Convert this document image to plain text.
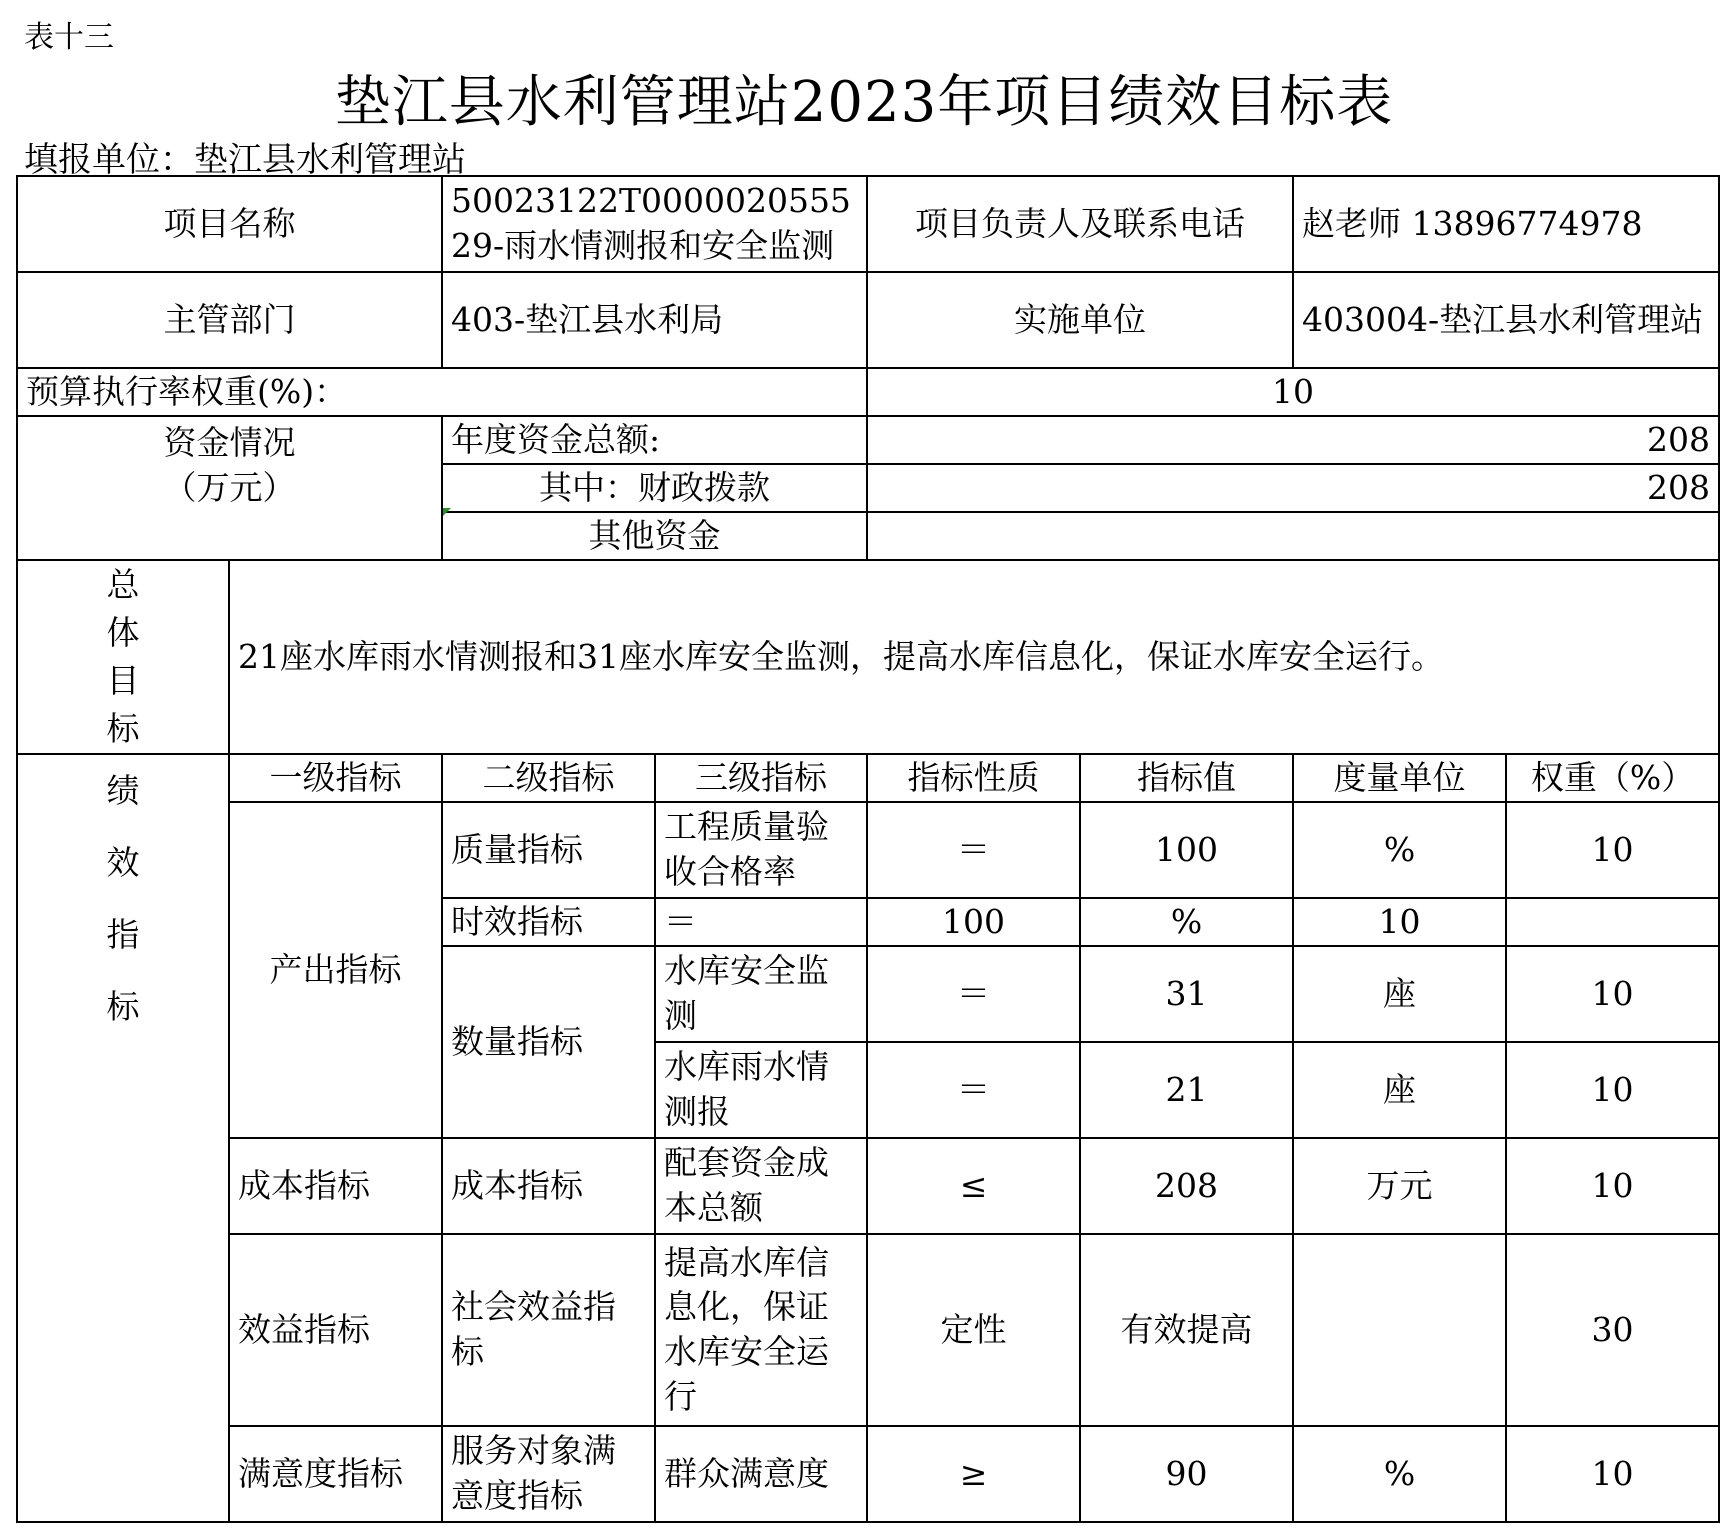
表十三
垫江县水利管理站2023年项目绩效目标表
填报单位：垫江县水利管理站
项目名称		50023122T000002055529-雨水情测报和安全监测		项目负责人及联系电话		赵老师 13896774978	
主管部门		403-垫江县水利局		实施单位		403004-垫江县水利管理站	
预算执行率权重(%)：				10			

资金情况
（万元）		年度资金总额:		208			
		其中：财政拨款		208			
		其他资金					

总
体
目
标	21座水库雨水情测报和31座水库安全监测，提高水库信息化，保证水库安全运行。						

绩
效
指
标	一级指标	二级指标	三级指标	指标性质	指标值	度量单位	权重（%）
	产出指标	质量指标	工程质量验收合格率	＝	100	%	10
		时效指标	＝	100	%	10	
		数量指标	水库安全监测	＝	31	座	10
			水库雨水情测报	＝	21	座	10
	成本指标	成本指标	配套资金成本总额	≤	208	万元	10
	效益指标	社会效益指标	提高水库信息化，保证水库安全运行	定性	有效提高		30
	满意度指标	服务对象满意度指标	群众满意度	≥	90	%	10
